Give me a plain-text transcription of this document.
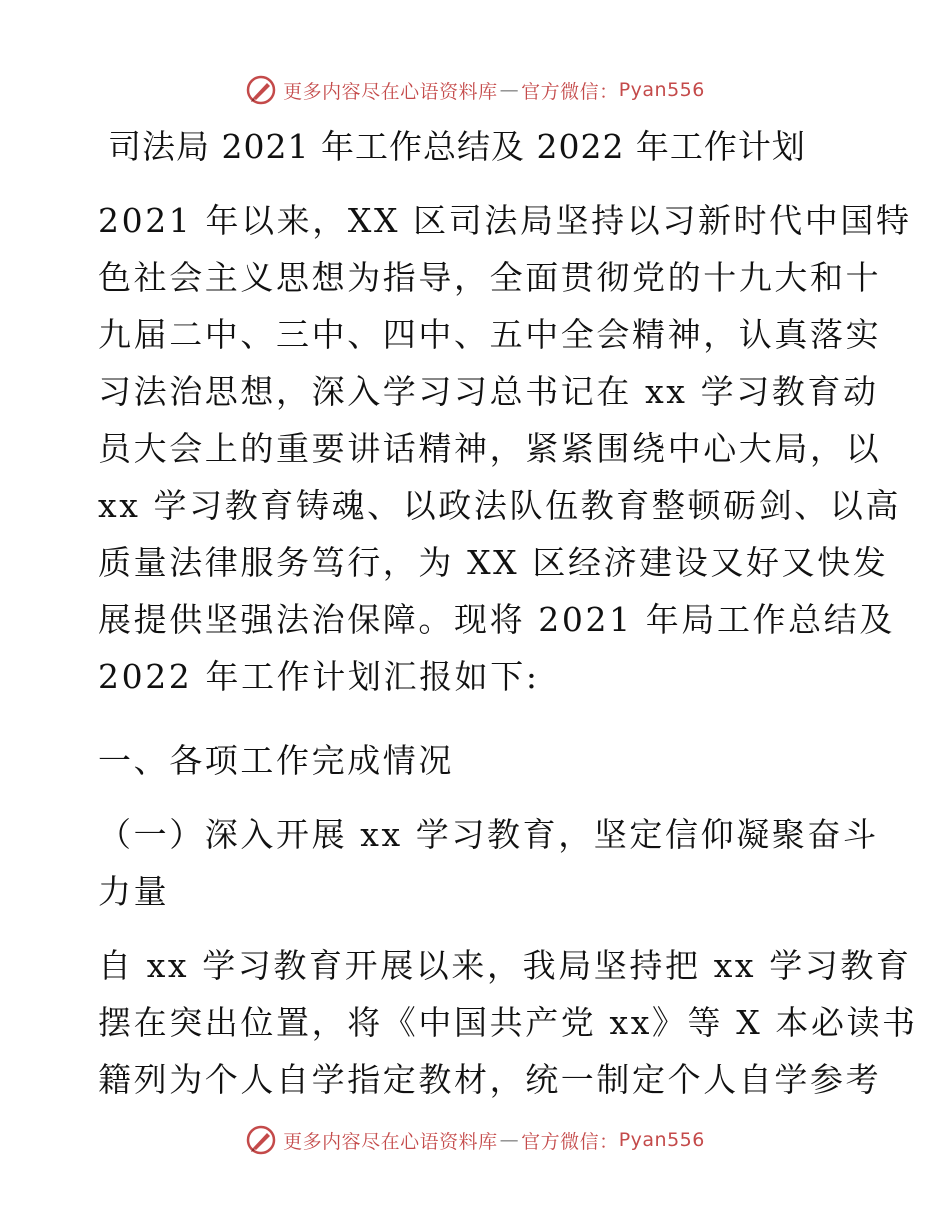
更多内容尽在心语资料库 — 官方微信： Pyan556
司法局 2021 年工作总结及 2022 年工作计划
2021 年以来，XX 区司法局坚持以习新时代中国特
色社会主义思想为指导，全面贯彻党的十九大和十
九届二中、三中、四中、五中全会精神，认真落实
习法治思想，深入学习习总书记在 xx 学习教育动
员大会上的重要讲话精神，紧紧围绕中心大局，以
xx 学习教育铸魂、以政法队伍教育整顿砺剑、以高
质量法律服务笃行，为 XX 区经济建设又好又快发
展提供坚强法治保障。现将 2021 年局工作总结及
2022 年工作计划汇报如下:
一、各项工作完成情况
（一）深入开展 xx 学习教育，坚定信仰凝聚奋斗
力量
自 xx 学习教育开展以来，我局坚持把 xx 学习教育
摆在突出位置，将《中国共产党 xx》等 X 本必读书
籍列为个人自学指定教材，统一制定个人自学参考
更多内容尽在心语资料库 — 官方微信： Pyan556
